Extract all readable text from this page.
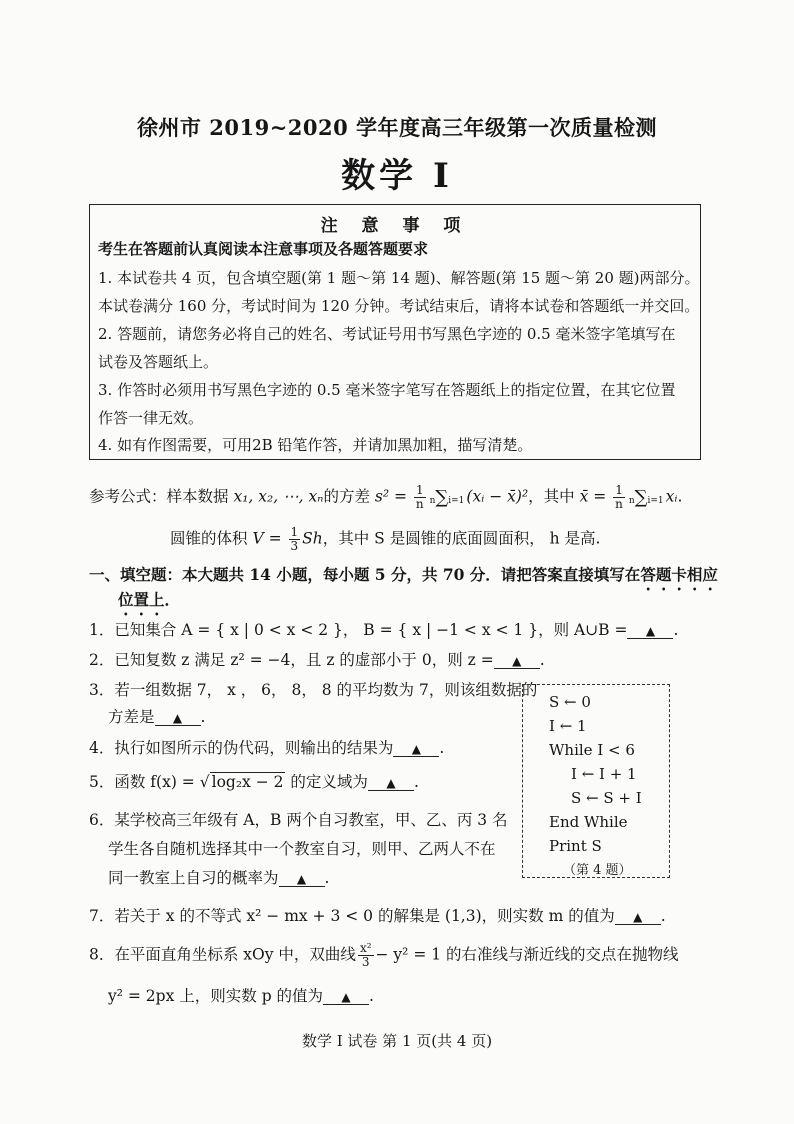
徐州市 2019~2020 学年度高三年级第一次质量检测
数学 I
注 意 事 项
考生在答题前认真阅读本注意事项及各题答题要求
1. 本试卷共 4 页，包含填空题(第 1 题～第 14 题)、解答题(第 15 题～第 20 题)两部分。
本试卷满分 160 分，考试时间为 120 分钟。考试结束后，请将本试卷和答题纸一并交回。
2. 答题前，请您务必将自己的姓名、考试证号用书写黑色字迹的 0.5 毫米签字笔填写在
试卷及答题纸上。
3. 作答时必须用书写黑色字迹的 0.5 毫米签字笔写在答题纸上的指定位置，在其它位置
作答一律无效。
4. 如有作图需要，可用2B 铅笔作答，并请加黑加粗，描写清楚。
参考公式：样本数据 x₁, x₂, ⋯, xₙ的方差 $s^2 = \frac{1}{n} n\sum i=1$ (xᵢ − x̄)²，其中 x̄ = $\frac{1}{n} n\sum i=1$ xᵢ.
圆锥的体积 $V = \frac{1}{3}$ Sh，其中 S 是圆锥的底面圆面积， h 是高.
一、填空题：本大题共 14 小题，每小题 5 分，共 70 分．请把答案直接填写在答题卡相应
位置上．
1．已知集合 A = { x | 0 < x < 2 }， B = { x | −1 < x < 1 }，则 A∪B = ▲ .
2．已知复数 z 满足 z² = −4，且 z 的虚部小于 0，则 z = ▲ .
3．若一组数据 7， x ， 6， 8， 8 的平均数为 7，则该组数据的
方差是 ▲ .
4．执行如图所示的伪代码，则输出的结果为 ▲ .
5．函数 f(x) = √ log₂x − 2 的定义域为 ▲ .
6．某学校高三年级有 A，B 两个自习教室，甲、乙、丙 3 名
学生各自随机选择其中一个教室自习，则甲、乙两人不在
同一教室上自习的概率为 ▲ .
7．若关于 x 的不等式 x² − mx + 3 < 0 的解集是 (1,3)，则实数 m 的值为 ▲ .
8．在平面直角坐标系 xOy 中，双曲线 $\frac{\text{x²}}{3} - y^2 = 1$ 的右准线与渐近线的交点在抛物线
y² = 2px 上，则实数 p 的值为 ▲ .
S ← 0
I ← 1
While I < 6
I ← I + 1
S ← S + I
End While
Print S
（第 4 题）
数学 I 试卷 第 1 页(共 4 页)
